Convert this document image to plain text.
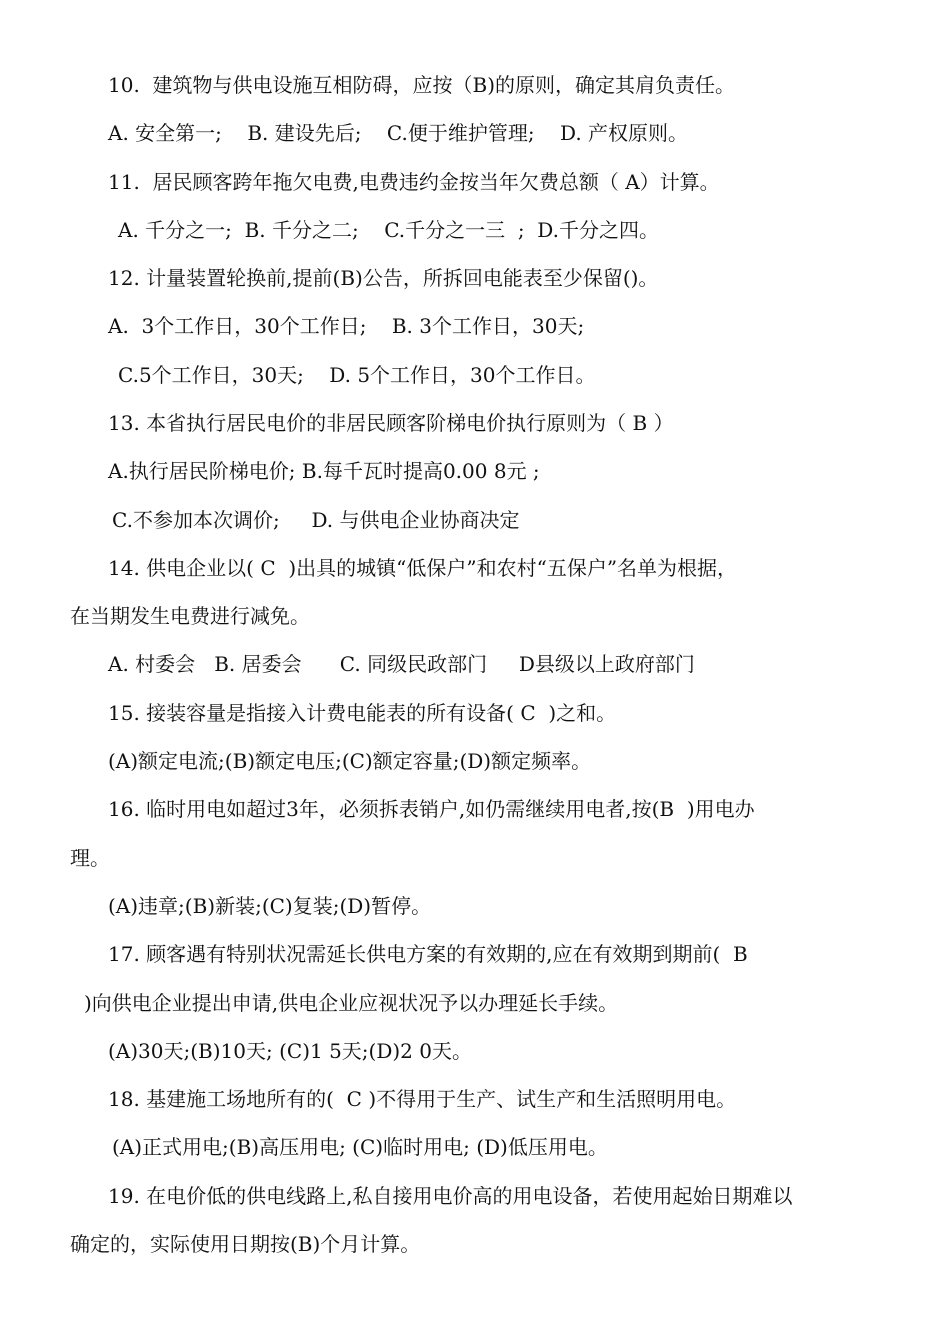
10.  建筑物与供电设施互相防碍，应按（B)的原则，确定其肩负责任。
A. 安全第一;    B. 建设先后;    C.便于维护管理;    D. 产权原则。
11.  居民顾客跨年拖欠电费,电费违约金按当年欠费总额（ A）计算。
A. 千分之一;  B. 千分之二;    C.千分之一三  ;  D.千分之四。
12. 计量装置轮换前,提前(B)公告，所拆回电能表至少保留()。
A.  3个工作日，30个工作日;    B. 3个工作日，30天;
C.5个工作日，30天;    D. 5个工作日，30个工作日。
13. 本省执行居民电价的非居民顾客阶梯电价执行原则为（ B ）
A.执行居民阶梯电价; B.每千瓦时提高0.00 8元 ;
C.不参加本次调价;     D. 与供电企业协商决定
14. 供电企业以( C  )出具的城镇“低保户”和农村“五保户”名单为根据，
在当期发生电费进行减免。
A. 村委会   B. 居委会      C. 同级民政部门     D县级以上政府部门
15. 接装容量是指接入计费电能表的所有设备( C  )之和。
(A)额定电流;(B)额定电压;(C)额定容量;(D)额定频率。
16. 临时用电如超过3年，必须拆表销户,如仍需继续用电者,按(B  )用电办
理。
(A)违章;(B)新装;(C)复装;(D)暂停。
17. 顾客遇有特别状况需延长供电方案的有效期的,应在有效期到期前(  B
)向供电企业提出申请,供电企业应视状况予以办理延长手续。
(A)30天;(B)10天; (C)1 5天;(D)2 0天。
18. 基建施工场地所有的(  C )不得用于生产、试生产和生活照明用电。
(A)正式用电;(B)高压用电; (C)临时用电; (D)低压用电。
19. 在电价低的供电线路上,私自接用电价高的用电设备，若使用起始日期难以
确定的，实际使用日期按(B)个月计算。
